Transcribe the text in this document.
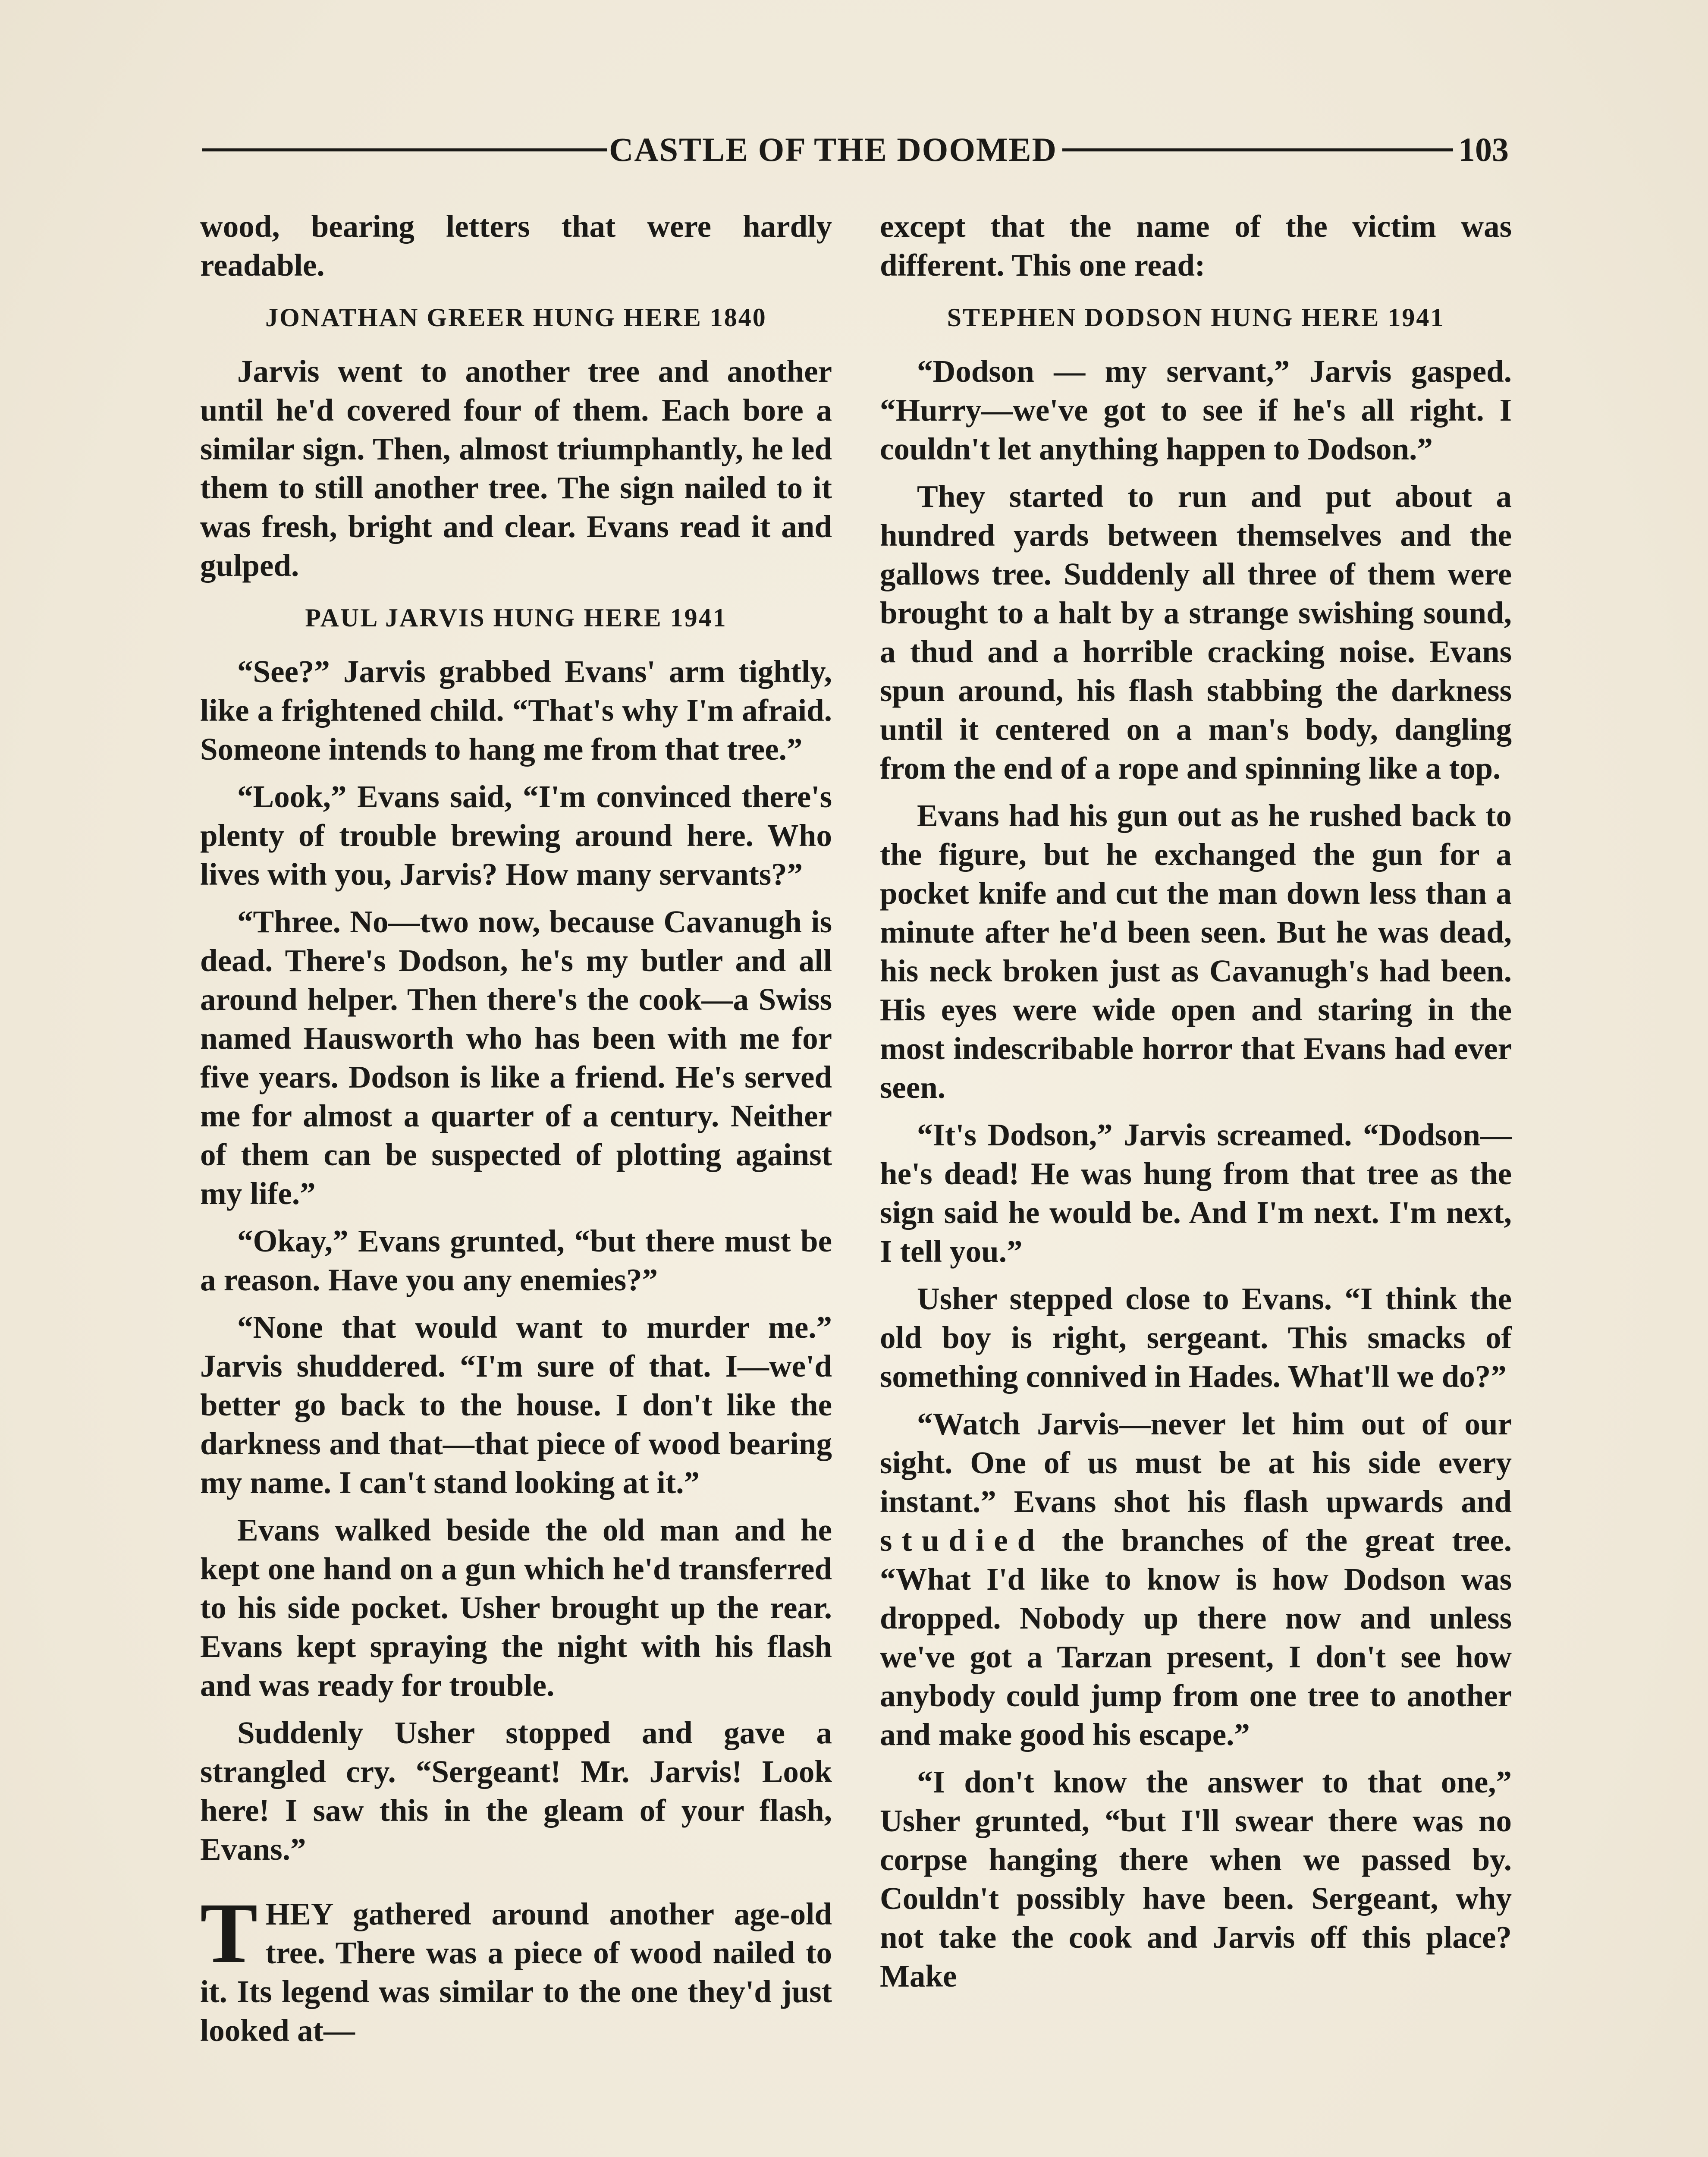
CASTLE OF THE DOOMED	103

wood, bearing letters that were hardly readable.

JONATHAN GREER HUNG HERE 1840

Jarvis went to another tree and another until he'd covered four of them. Each bore a similar sign. Then, almost triumphantly, he led them to still another tree. The sign nailed to it was fresh, bright and clear. Evans read it and gulped.

PAUL JARVIS HUNG HERE 1941

“See?” Jarvis grabbed Evans' arm tightly, like a frightened child. “That's why I'm afraid. Someone intends to hang me from that tree.”

“Look,” Evans said, “I'm convinced there's plenty of trouble brewing around here. Who lives with you, Jarvis? How many servants?”

“Three. No—two now, because Cavanugh is dead. There's Dodson, he's my butler and all around helper. Then there's the cook—a Swiss named Hausworth who has been with me for five years. Dodson is like a friend. He's served me for almost a quarter of a century. Neither of them can be suspected of plotting against my life.”

“Okay,” Evans grunted, “but there must be a reason. Have you any enemies?”

“None that would want to murder me.” Jarvis shuddered. “I'm sure of that. I—we'd better go back to the house. I don't like the darkness and that—that piece of wood bearing my name. I can't stand looking at it.”

Evans walked beside the old man and he kept one hand on a gun which he'd transferred to his side pocket. Usher brought up the rear. Evans kept spraying the night with his flash and was ready for trouble.

Suddenly Usher stopped and gave a strangled cry. “Sergeant! Mr. Jarvis! Look here! I saw this in the gleam of your flash, Evans.”

T HEY gathered around another age-old tree. There was a piece of wood nailed to it. Its legend was similar to the one they'd just looked at—

except that the name of the victim was different. This one read:

STEPHEN DODSON HUNG HERE 1941

“Dodson — my servant,” Jarvis gasped. “Hurry—we've got to see if he's all right. I couldn't let anything happen to Dodson.”

They started to run and put about a hundred yards between themselves and the gallows tree. Suddenly all three of them were brought to a halt by a strange swishing sound, a thud and a horrible cracking noise. Evans spun around, his flash stabbing the darkness until it centered on a man's body, dangling from the end of a rope and spinning like a top.

Evans had his gun out as he rushed back to the figure, but he exchanged the gun for a pocket knife and cut the man down less than a minute after he'd been seen. But he was dead, his neck broken just as Cavanugh's had been. His eyes were wide open and staring in the most indescribable horror that Evans had ever seen.

“It's Dodson,” Jarvis screamed. “Dodson—he's dead! He was hung from that tree as the sign said he would be. And I'm next. I'm next, I tell you.”

Usher stepped close to Evans. “I think the old boy is right, sergeant. This smacks of something connived in Hades. What'll we do?”

“Watch Jarvis—never let him out of our sight. One of us must be at his side every instant.” Evans shot his flash upwards and studied the branches of the great tree. “What I'd like to know is how Dodson was dropped. Nobody up there now and unless we've got a Tarzan present, I don't see how anybody could jump from one tree to another and make good his escape.”

“I don't know the answer to that one,” Usher grunted, “but I'll swear there was no corpse hanging there when we passed by. Couldn't possibly have been. Sergeant, why not take the cook and Jarvis off this place? Make
